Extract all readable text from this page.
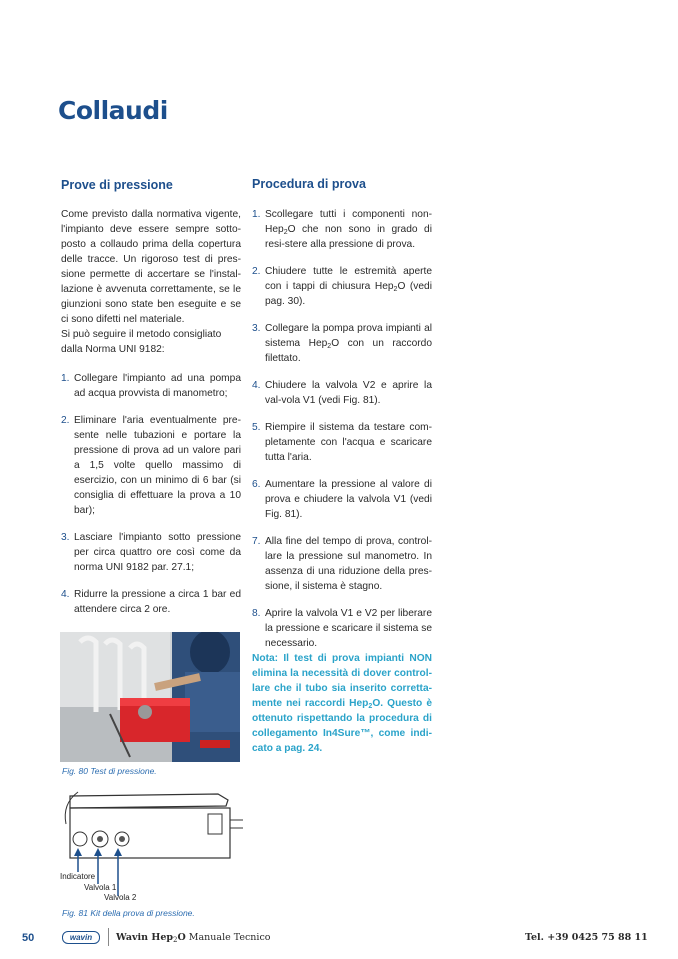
Collaudi
Prove di pressione

Come previsto dalla normativa vigente, l'impianto deve essere sempre sotto-posto a collaudo prima della copertura delle tracce. Un rigoroso test di pres-sione permette di accertare se l'instal-lazione è avvenuta correttamente, se le giunzioni sono state ben eseguite e se ci sono difetti nel materiale.

Si può seguire il metodo consigliato dalla Norma UNI 9182:

1. Collegare l'impianto ad una pompa ad acqua provvista di manometro;
2. Eliminare l'aria eventualmente pre-sente nelle tubazioni e portare la pressione di prova ad un valore pari a 1,5 volte quello massimo di esercizio, con un minimo di 6 bar (si consiglia di effettuare la prova a 10 bar);
3. Lasciare l'impianto sotto pressione per circa quattro ore così come da norma UNI 9182 par. 27.1;
4. Ridurre la pressione a circa 1 bar ed attendere circa 2 ore.
Fig. 80 Test di pressione.
Indicatore
Valvola 1
Valvola 2
Fig. 81 Kit della prova di pressione.
Procedura di prova
1. Scollegare tutti i componenti non-Hep$_2$O che non sono in grado di resi-stere alla pressione di prova.
2. Chiudere tutte le estremità aperte con i tappi di chiusura Hep$_2$O (vedi pag. 30).
3. Collegare la pompa prova impianti al sistema Hep$_2$O con un raccordo filettato.
4. Chiudere la valvola V2 e aprire la val-vola V1 (vedi Fig. 81).
5. Riempire il sistema da testare com-pletamente con l'acqua e scaricare tutta l'aria.
6. Aumentare la pressione al valore di prova e chiudere la valvola V1 (vedi Fig. 81).
7. Alla fine del tempo di prova, control-lare la pressione sul manometro. In assenza di una riduzione della pres-sione, il sistema è stagno.
8. Aprire la valvola V1 e V2 per liberare la pressione e scaricare il sistema se necessario.

Nota: Il test di prova impianti NON elimina la necessità di dover control-lare che il tubo sia inserito corretta-mente nei raccordi Hep$_2$O. Questo è ottenuto rispettando la procedura di collegamento In4Sure™, come indi-cato a pag. 24.

50	wavin	Wavin Hep$_2$O Manuale Tecnico	Tel. +39 0425 75 88 11
